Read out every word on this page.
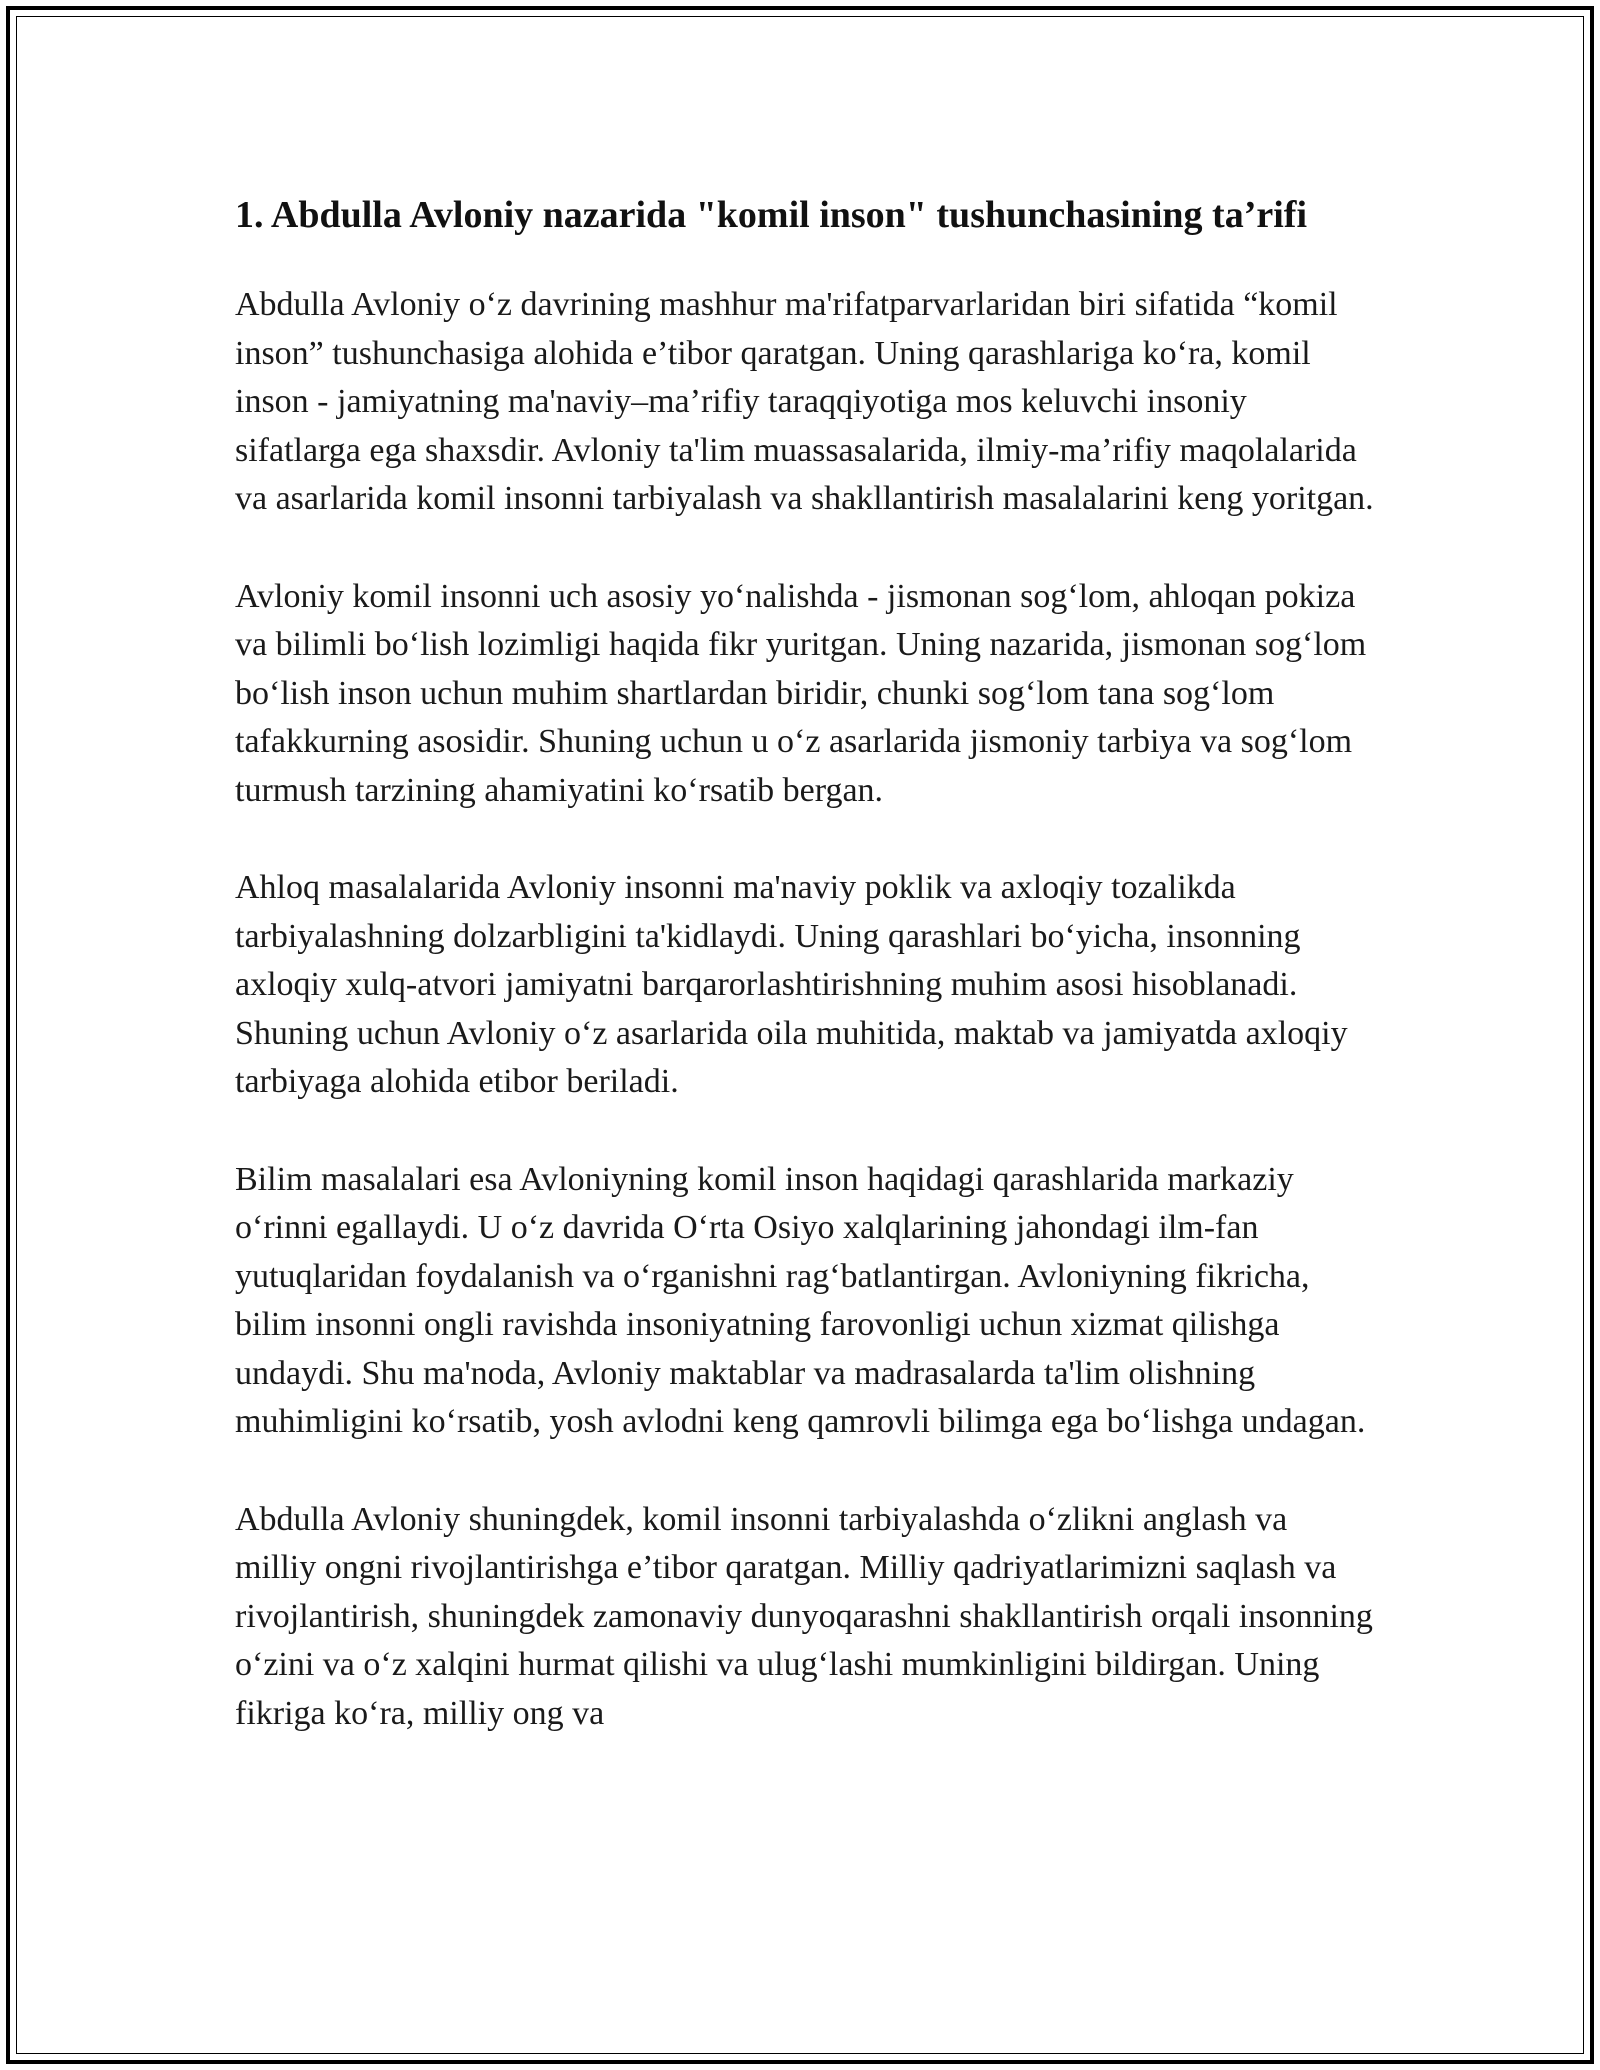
1. Abdulla Avloniy nazarida "komil inson" tushunchasining ta’rifi

Abdulla Avloniy o‘z davrining mashhur ma'rifatparvarlaridan biri sifatida “komil inson” tushunchasiga alohida e’tibor qaratgan. Uning qarashlariga ko‘ra, komil inson - jamiyatning ma'naviy–ma’rifiy taraqqiyotiga mos keluvchi insoniy sifatlarga ega shaxsdir. Avloniy ta'lim muassasalarida, ilmiy-ma’rifiy maqolalarida va asarlarida komil insonni tarbiyalash va shakllantirish masalalarini keng yoritgan.

Avloniy komil insonni uch asosiy yo‘nalishda - jismonan sog‘lom, ahloqan pokiza va bilimli bo‘lish lozimligi haqida fikr yuritgan. Uning nazarida, jismonan sog‘lom bo‘lish inson uchun muhim shartlardan biridir, chunki sog‘lom tana sog‘lom tafakkurning asosidir. Shuning uchun u o‘z asarlarida jismoniy tarbiya va sog‘lom turmush tarzining ahamiyatini ko‘rsatib bergan.

Ahloq masalalarida Avloniy insonni ma'naviy poklik va axloqiy tozalikda tarbiyalashning dolzarbligini ta'kidlaydi. Uning qarashlari bo‘yicha, insonning axloqiy xulq-atvori jamiyatni barqarorlashtirishning muhim asosi hisoblanadi. Shuning uchun Avloniy o‘z asarlarida oila muhitida, maktab va jamiyatda axloqiy tarbiyaga alohida etibor beriladi.

Bilim masalalari esa Avloniyning komil inson haqidagi qarashlarida markaziy o‘rinni egallaydi. U o‘z davrida O‘rta Osiyo xalqlarining jahondagi ilm-fan yutuqlaridan foydalanish va o‘rganishni rag‘batlantirgan. Avloniyning fikricha, bilim insonni ongli ravishda insoniyatning farovonligi uchun xizmat qilishga undaydi. Shu ma'noda, Avloniy maktablar va madrasalarda ta'lim olishning muhimligini ko‘rsatib, yosh avlodni keng qamrovli bilimga ega bo‘lishga undagan.

Abdulla Avloniy shuningdek, komil insonni tarbiyalashda o‘zlikni anglash va milliy ongni rivojlantirishga e’tibor qaratgan. Milliy qadriyatlarimizni saqlash va rivojlantirish, shuningdek zamonaviy dunyoqarashni shakllantirish orqali insonning o‘zini va o‘z xalqini hurmat qilishi va ulug‘lashi mumkinligini bildirgan. Uning fikriga ko‘ra, milliy ong va
